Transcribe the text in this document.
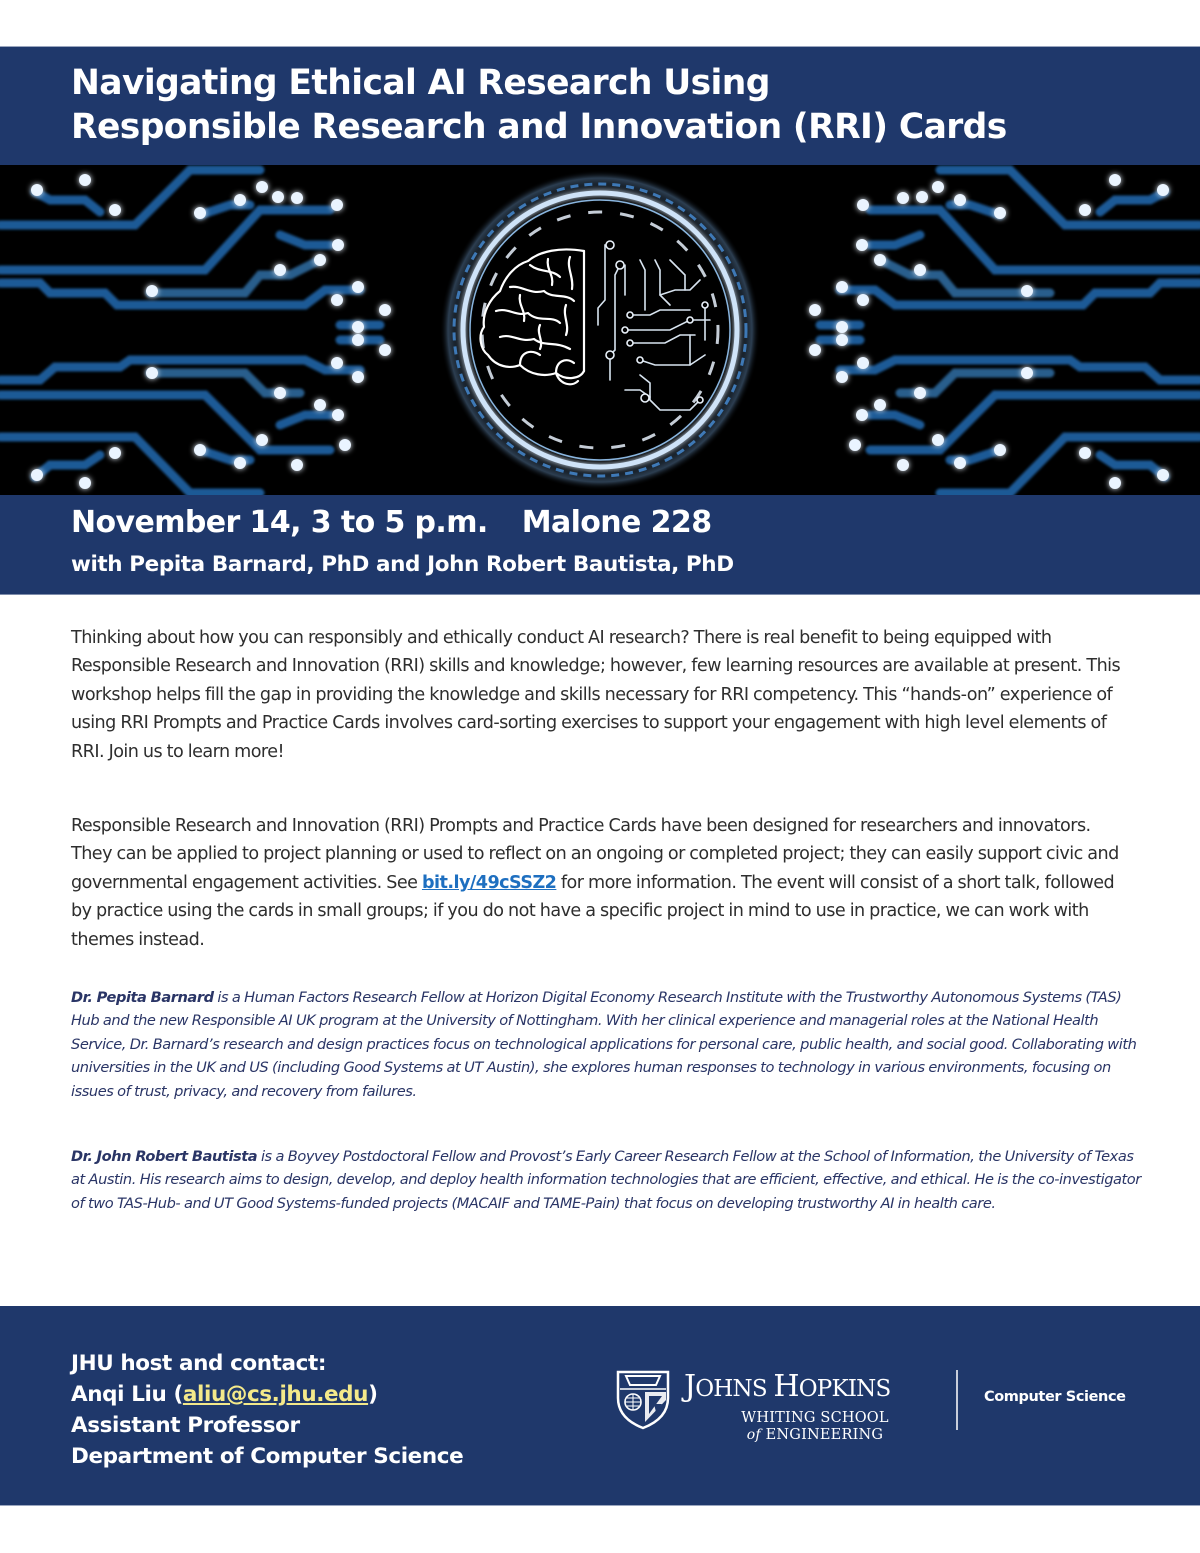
Navigating Ethical AI Research Using
Responsible Research and Innovation (RRI) Cards
November 14, 3 to 5 p.m. Malone 228
with Pepita Barnard, PhD and John Robert Bautista, PhD

Thinking about how you can responsibly and ethically conduct AI research? There is real benefit to being equipped with Responsible Research and Innovation (RRI) skills and knowledge; however, few learning resources are available at present. This workshop helps fill the gap in providing the knowledge and skills necessary for RRI competency. This “hands-on” experience of using RRI Prompts and Practice Cards involves card-sorting exercises to support your engagement with high level elements of RRI. Join us to learn more!

Responsible Research and Innovation (RRI) Prompts and Practice Cards have been designed for researchers and innovators. They can be applied to project planning or used to reflect on an ongoing or completed project; they can easily support civic and governmental engagement activities. See bit.ly/49cSSZ2 for more information. The event will consist of a short talk, followed by practice using the cards in small groups; if you do not have a specific project in mind to use in practice, we can work with themes instead.

Dr. Pepita Barnard is a Human Factors Research Fellow at Horizon Digital Economy Research Institute with the Trustworthy Autonomous Systems (TAS) Hub and the new Responsible AI UK program at the University of Nottingham. With her clinical experience and managerial roles at the National Health Service, Dr. Barnard’s research and design practices focus on technological applications for personal care, public health, and social good. Collaborating with universities in the UK and US (including Good Systems at UT Austin), she explores human responses to technology in various environments, focusing on issues of trust, privacy, and recovery from failures.

Dr. John Robert Bautista is a Boyvey Postdoctoral Fellow and Provost’s Early Career Research Fellow at the School of Information, the University of Texas at Austin. His research aims to design, develop, and deploy health information technologies that are efficient, effective, and ethical. He is the co-investigator of two TAS-Hub- and UT Good Systems-funded projects (MACAIF and TAME-Pain) that focus on developing trustworthy AI in health care.

JHU host and contact:
Anqi Liu (aliu@cs.jhu.edu)
Assistant Professor
Department of Computer Science
JOHNS HOPKINS
WHITING SCHOOL
of ENGINEERING
Computer Science
